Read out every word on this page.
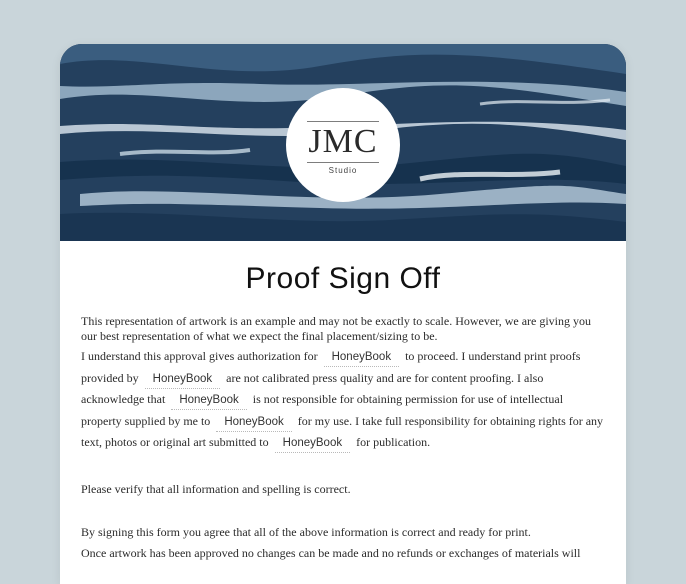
JMC
Studio
Proof Sign Off

This representation of artwork is an example and may not be exactly to scale. However, we are giving you our best representation of what we expect the final placement/sizing to be.

I understand this approval gives authorization for HoneyBook to proceed. I understand print proofs provided by HoneyBook are not calibrated press quality and are for content proofing. I also acknowledge that HoneyBook is not responsible for obtaining permission for use of intellectual property supplied by me to HoneyBook for my use. I take full responsibility for obtaining rights for any text, photos or original art submitted to HoneyBook for publication.

Please verify that all information and spelling is correct.

By signing this form you agree that all of the above information is correct and ready for print.

Once artwork has been approved no changes can be made and no refunds or exchanges of materials will
